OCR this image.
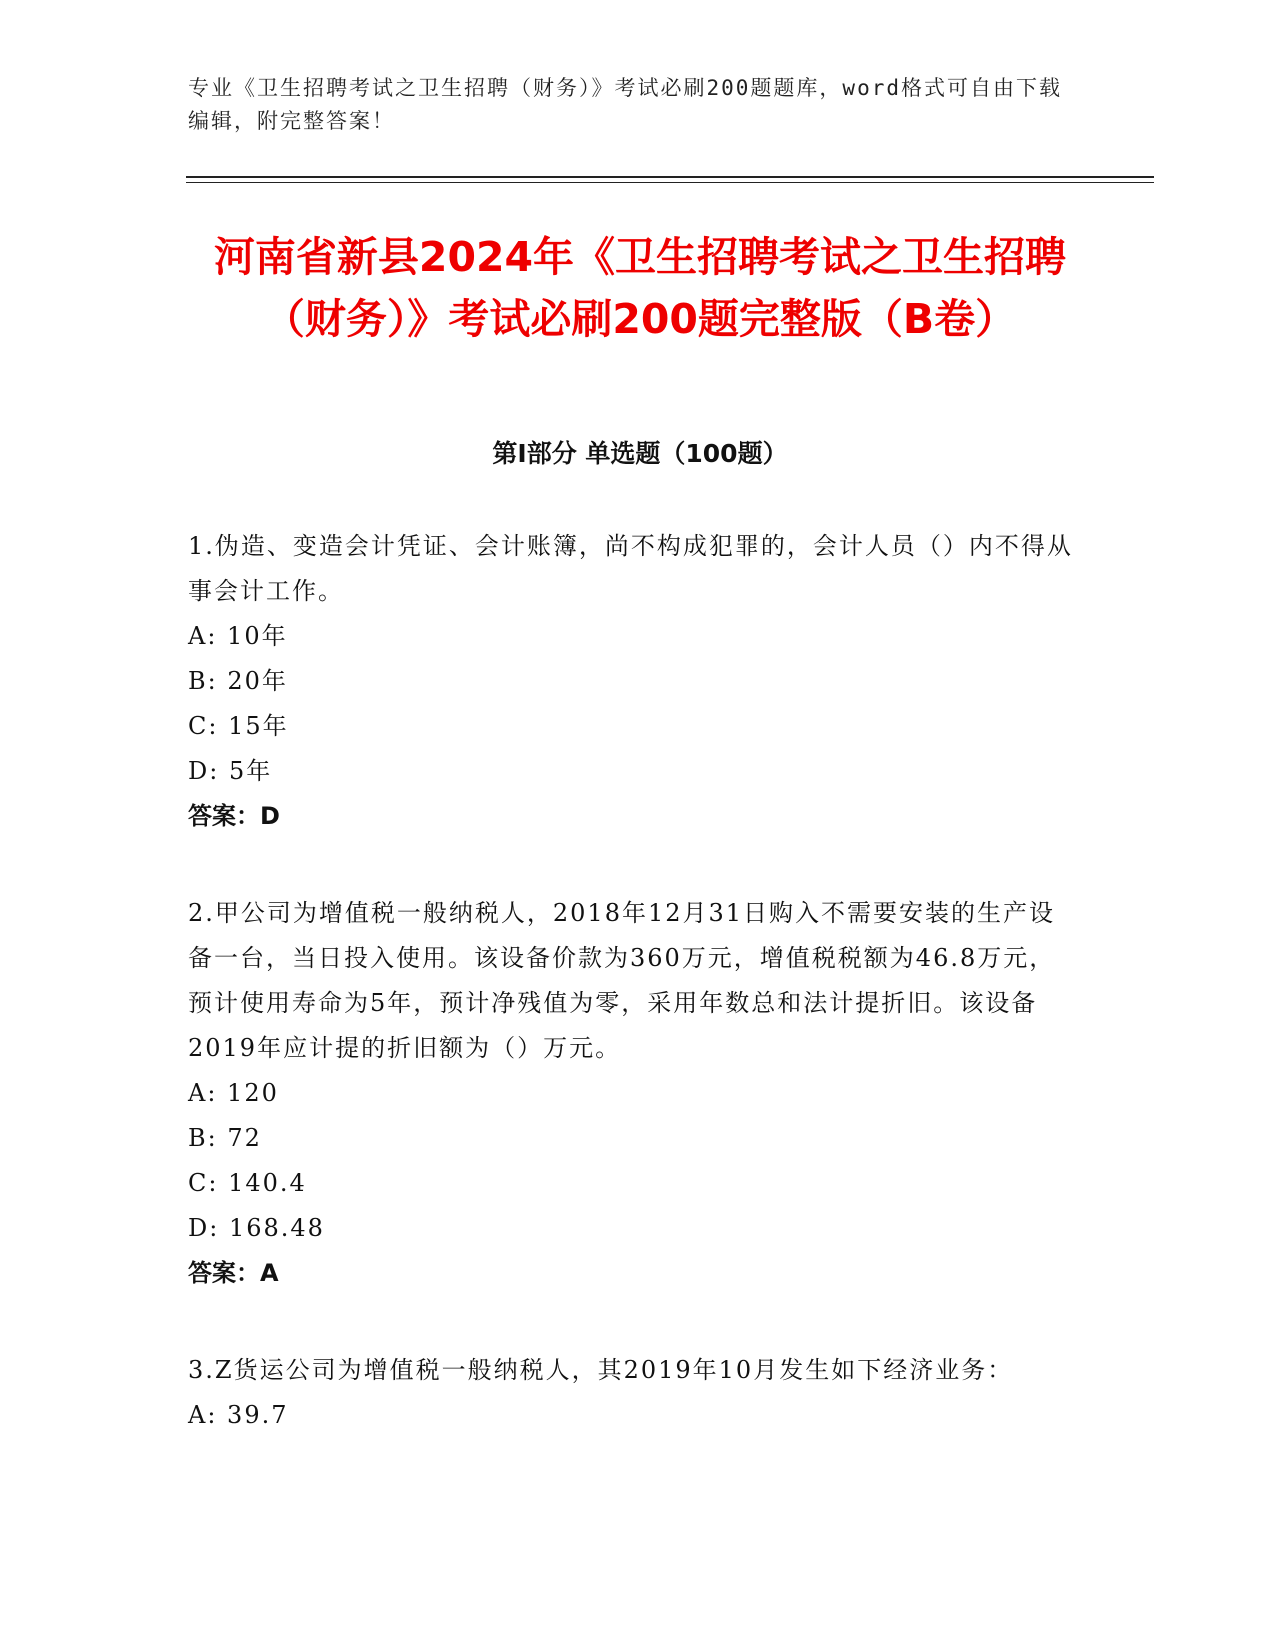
专业《卫生招聘考试之卫生招聘（财务）》考试必刷200题题库，word格式可自由下载编辑，附完整答案！
河南省新县2024年《卫生招聘考试之卫生招聘（财务）》考试必刷200题完整版（B卷）
第I部分 单选题（100题）

1.伪造、变造会计凭证、会计账簿，尚不构成犯罪的，会计人员（）内不得从事会计工作。

A: 10年

B: 20年

C: 15年

D: 5年

答案：D

2.甲公司为增值税一般纳税人，2018年12月31日购入不需要安装的生产设备一台，当日投入使用。该设备价款为360万元，增值税税额为46.8万元，预计使用寿命为5年，预计净残值为零，采用年数总和法计提折旧。该设备2019年应计提的折旧额为（）万元。

A: 120

B: 72

C: 140.4

D: 168.48

答案：A

3.Z货运公司为增值税一般纳税人，其2019年10月发生如下经济业务：

A: 39.7
